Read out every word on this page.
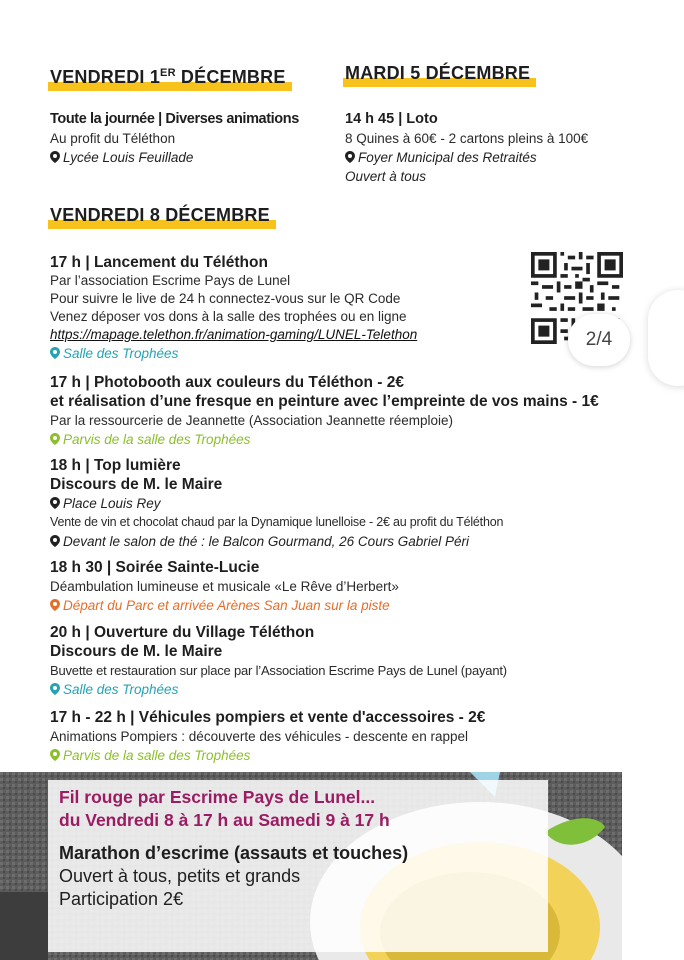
VENDREDI 1ER DÉCEMBRE
Toute la journée | Diverses animations
Au profit du Téléthon
Lycée Louis Feuillade
MARDI 5 DÉCEMBRE
14 h 45 | Loto
8 Quines à 60€ - 2 cartons pleins à 100€
Foyer Municipal des Retraités
Ouvert à tous
VENDREDI 8 DÉCEMBRE
17 h | Lancement du Téléthon
Par l’association Escrime Pays de Lunel
Pour suivre le live de 24 h connectez-vous sur le QR Code
Venez déposer vos dons à la salle des trophées ou en ligne
https://mapage.telethon.fr/animation-gaming/LUNEL-Telethon
Salle des Trophées
2/4
17 h | Photobooth aux couleurs du Téléthon - 2€
et réalisation d’une fresque en peinture avec l’empreinte de vos mains - 1€
Par la ressourcerie de Jeannette (Association Jeannette réemploie)
Parvis de la salle des Trophées
18 h | Top lumière
Discours de M. le Maire
Place Louis Rey
Vente de vin et chocolat chaud par la Dynamique lunelloise - 2€ au profit du Téléthon
Devant le salon de thé : le Balcon Gourmand, 26 Cours Gabriel Péri
18 h 30 | Soirée Sainte-Lucie
Déambulation lumineuse et musicale «Le Rêve d’Herbert»
Départ du Parc et arrivée Arènes San Juan sur la piste
20 h | Ouverture du Village Téléthon
Discours de M. le Maire
Buvette et restauration sur place par l’Association Escrime Pays de Lunel (payant)
Salle des Trophées
17 h - 22 h | Véhicules pompiers et vente d'accessoires - 2€
Animations Pompiers : découverte des véhicules - descente en rappel
Parvis de la salle des Trophées
Fil rouge par Escrime Pays de Lunel...
du Vendredi 8 à 17 h au Samedi 9 à 17 h
Marathon d’escrime (assauts et touches)
Ouvert à tous, petits et grands
Participation 2€
